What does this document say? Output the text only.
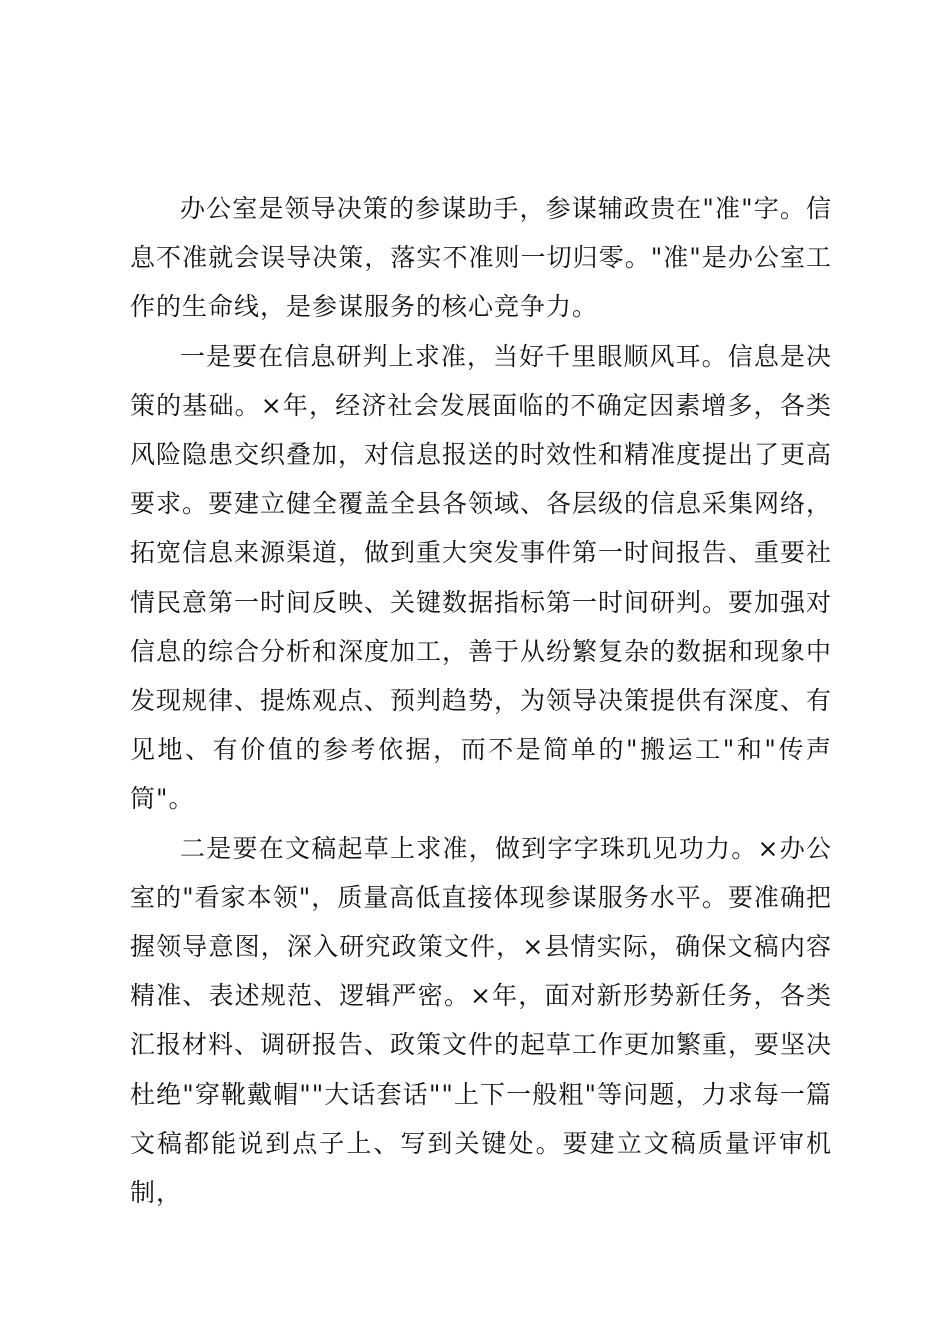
办公室是领导决策的参谋助手，参谋辅政贵在"准"字。信息不准就会误导决策，落实不准则一切归零。"准"是办公室工作的生命线，是参谋服务的核心竞争力。

一是要在信息研判上求准，当好千里眼顺风耳。信息是决策的基础。×年，经济社会发展面临的不确定因素增多，各类风险隐患交织叠加，对信息报送的时效性和精准度提出了更高要求。要建立健全覆盖全县各领域、各层级的信息采集网络，拓宽信息来源渠道，做到重大突发事件第一时间报告、重要社情民意第一时间反映、关键数据指标第一时间研判。要加强对信息的综合分析和深度加工，善于从纷繁复杂的数据和现象中发现规律、提炼观点、预判趋势，为领导决策提供有深度、有见地、有价值的参考依据，而不是简单的"搬运工"和"传声筒"。

二是要在文稿起草上求准，做到字字珠玑见功力。×办公室的"看家本领"，质量高低直接体现参谋服务水平。要准确把握领导意图，深入研究政策文件，×县情实际，确保文稿内容精准、表述规范、逻辑严密。×年，面对新形势新任务，各类汇报材料、调研报告、政策文件的起草工作更加繁重，要坚决杜绝"穿靴戴帽""大话套话""上下一般粗"等问题，力求每一篇文稿都能说到点子上、写到关键处。要建立文稿质量评审机制，
